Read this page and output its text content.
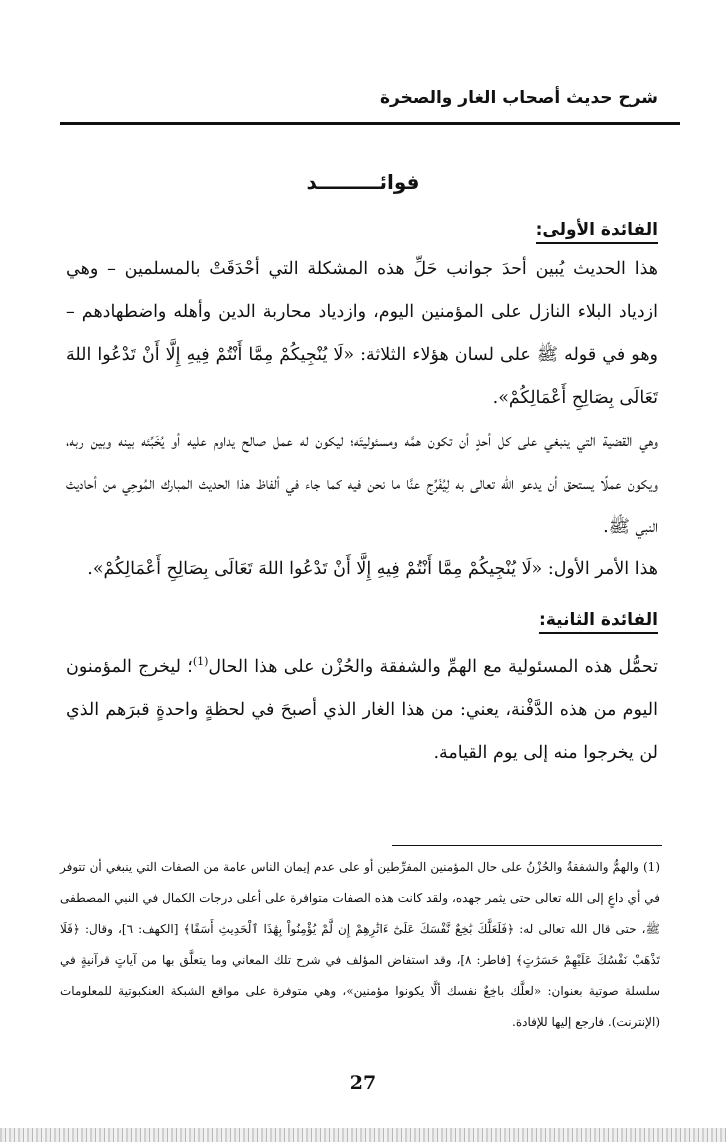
شرح حديث أصحاب الغار والصخرة
فوائـــــــــد
الفائدة الأولى:

هذا الحديث يُبين أحدَ جوانب حَلِّ هذه المشكلة التي أحْدَقَتْ بالمسلمين – وهي ازدياد البلاء النازل على المؤمنين اليوم، وازدياد محاربة الدين وأهله واضطهادهم – وهو في قوله ﷺ على لسان هؤلاء الثلاثة: «لَا يُنْجِيكُمْ مِمَّا أَنْتُمْ فِيهِ إِلَّا أَنْ تَدْعُوا اللهَ تَعَالَى بِصَالِحِ أَعْمَالِكُمْ».

وهي القضية التي ينبغي على كل أحدٍ أن تكون همَّه ومسئوليتَه؛ ليكون له عمل صالح يداوم عليه أو يُخَبِّئه بينه وبين ربه، ويكون عملًا يستحق أن يدعو الله تعالى به لِيُفَرِّج عنَّا ما نحن فيه كما جاء في ألفاظ هذا الحديث المبارك المُوحِي من أحاديث النبي ﷺ.

هذا الأمر الأول: «لَا يُنْجِيكُمْ مِمَّا أَنْتُمْ فِيهِ إِلَّا أَنْ تَدْعُوا اللهَ تَعَالَى بِصَالِحِ أَعْمَالِكُمْ».

الفائدة الثانية:

تحمُّل هذه المسئولية مع الهمِّ والشفقة والحُزْن على هذا الحال$^{(1)}$؛ ليخرج المؤمنون اليوم من هذه الدَّفْنة، يعني: من هذا الغار الذي أصبحَ في لحظةٍ واحدةٍ قبرَهم الذي لن يخرجوا منه إلى يوم القيامة.

(1) والهمُّ والشفقةُ والحُزْنُ على حال المؤمنين المفرِّطين أو على عدم إيمان الناس عامة من الصفات التي ينبغي أن تتوفر في أي داعٍ إلى الله تعالى حتى يثمر جهده، ولقد كانت هذه الصفات متوافرة على أعلى درجات الكمال في النبي المصطفى ﷺ، حتى قال الله تعالى له: ﴿فَلَعَلَّكَ بَٰخِعٌ نَّفْسَكَ عَلَىٰٓ ءَاثَٰرِهِمْ إِن لَّمْ يُؤْمِنُواْ بِهَٰذَا ٱلْحَدِيثِ أَسَفًا﴾ [الكهف: ٦]، وقال: ﴿فَلَا تَذْهَبْ نَفْسُكَ عَلَيْهِمْ حَسَرَٰتٍ﴾ [فاطر: ٨]، وقد استفاض المؤلف في شرح تلك المعاني وما يتعلَّق بها من آياتٍ قرآنيةٍ في سلسلة صوتية بعنوان: «لعلَّك باخِعٌ نفسك ألَّا يكونوا مؤمنين»، وهي متوفرة على مواقع الشبكة العنكبوتية للمعلومات (الإنترنت). فارجع إليها للإفادة.

27
